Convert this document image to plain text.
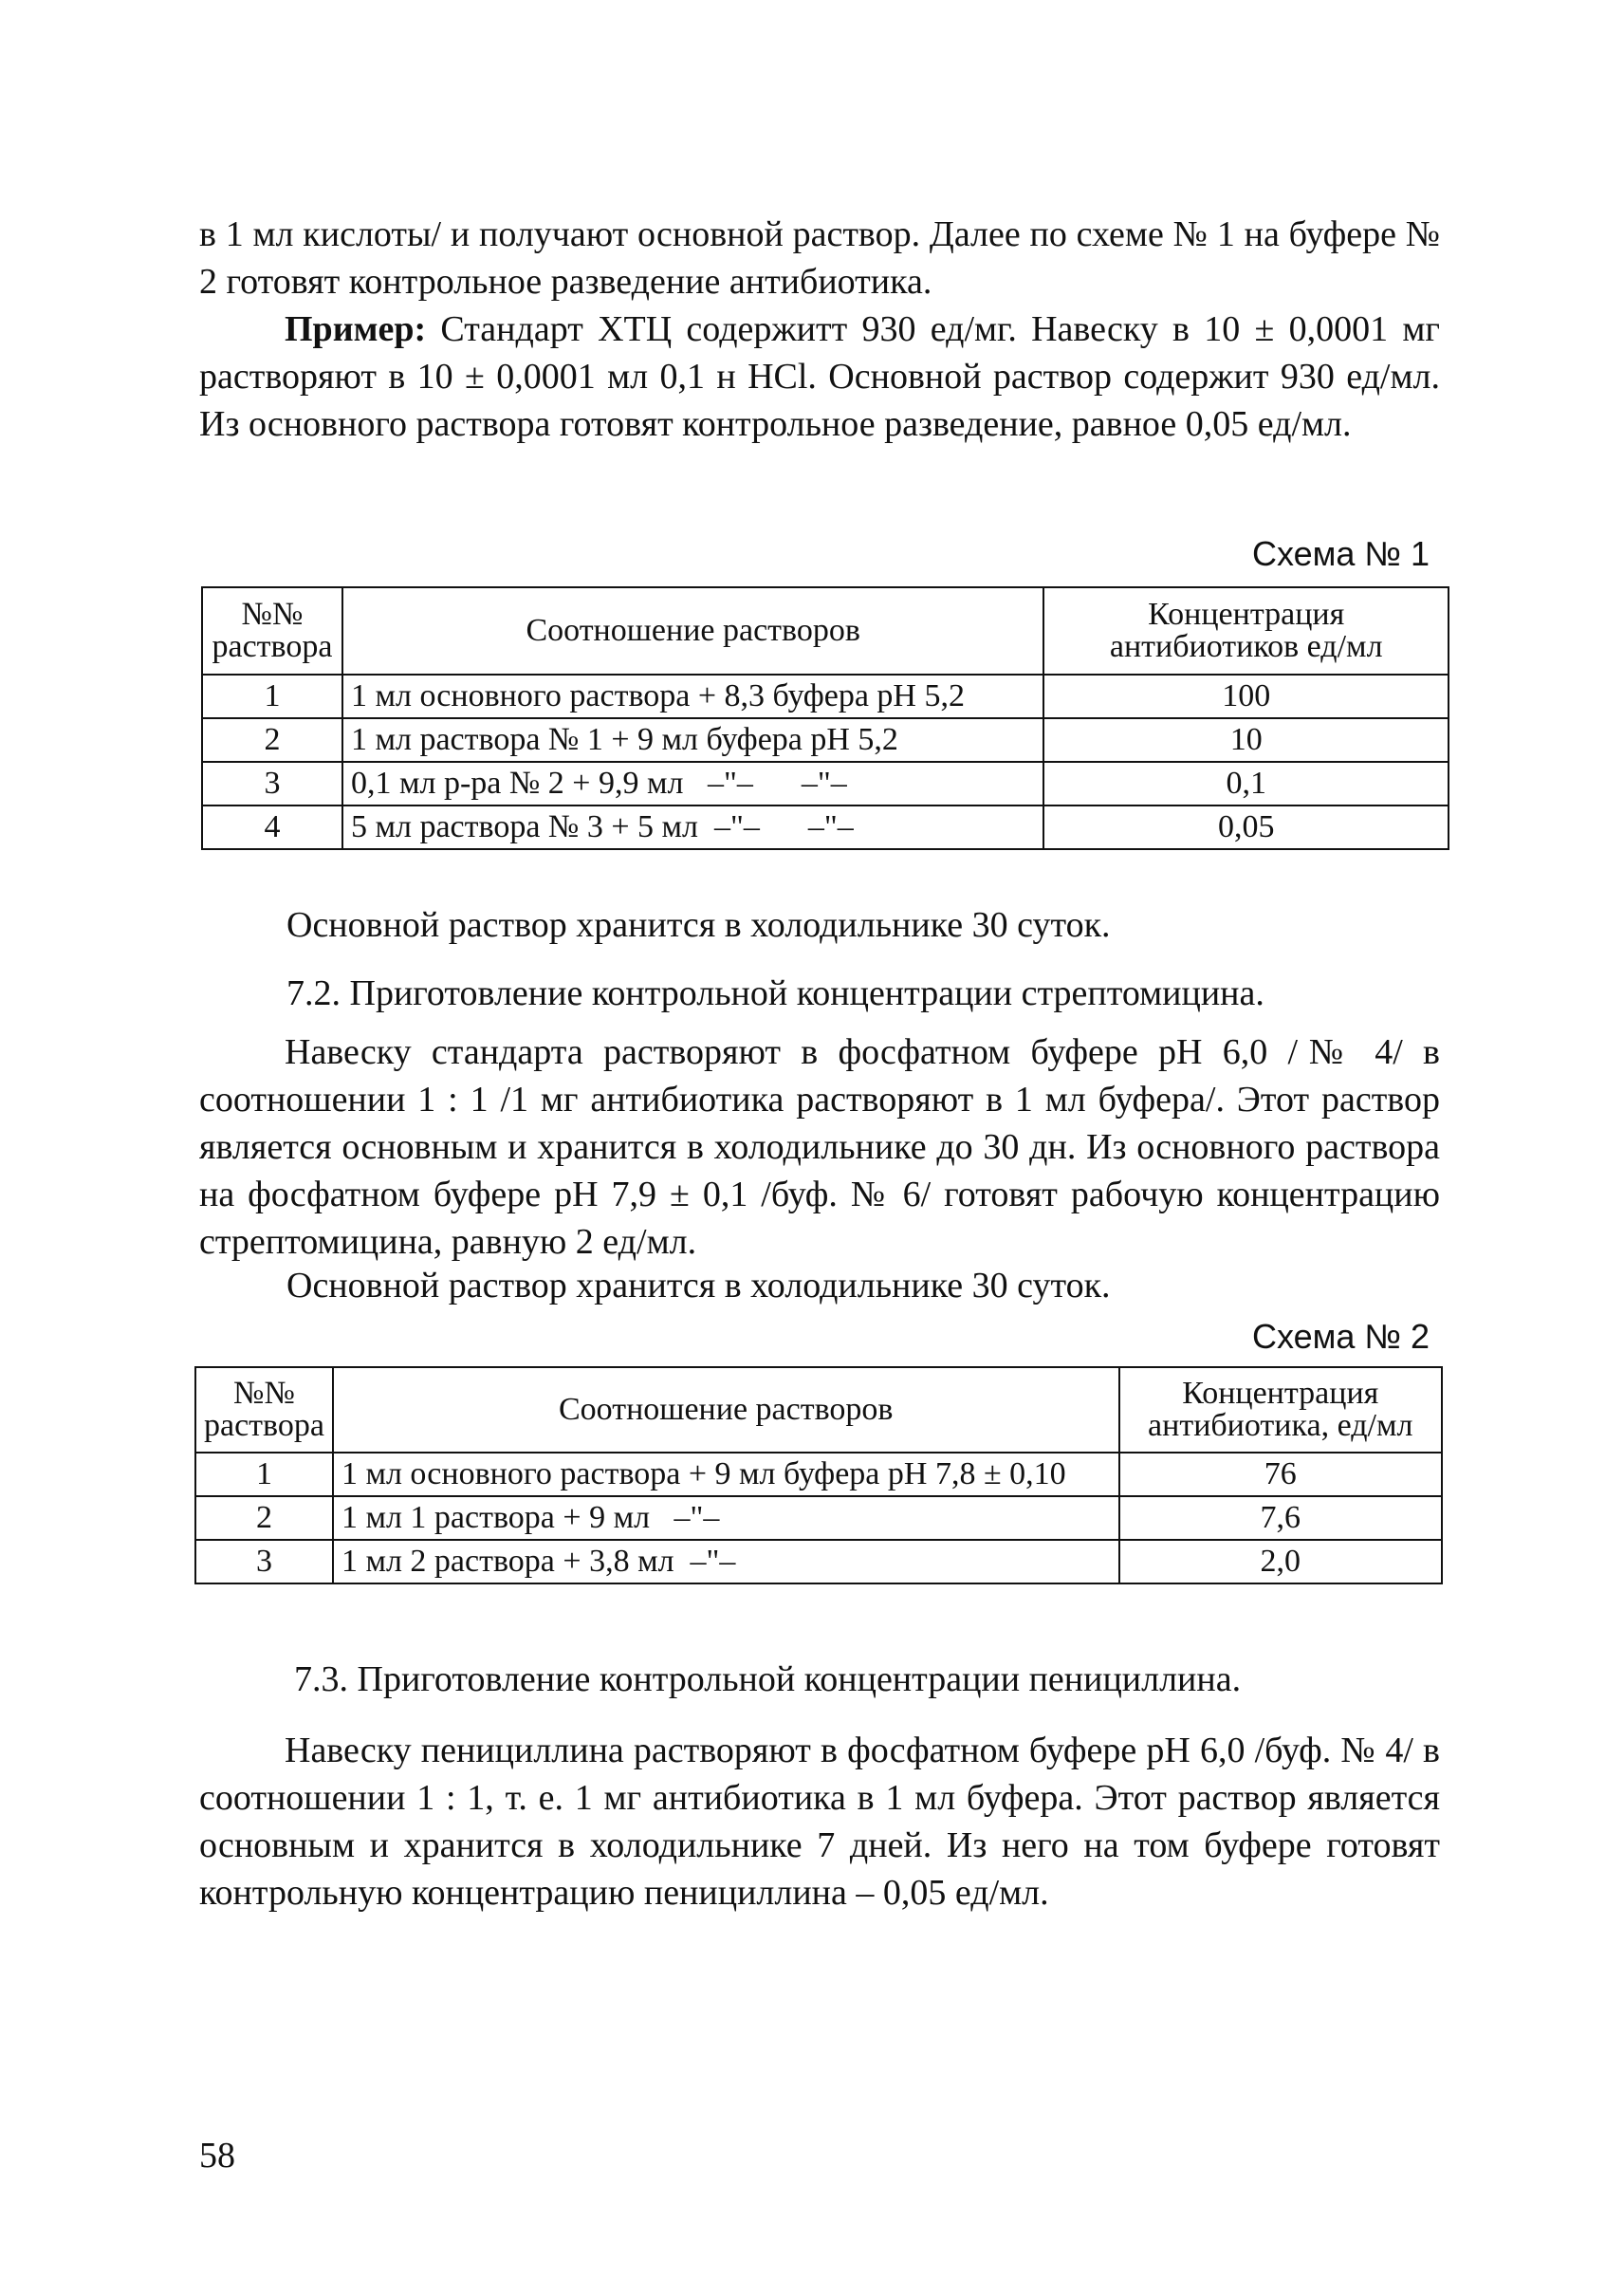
в 1 мл кислоты/ и получают основной раствор. Далее по схеме № 1 на буфере № 2 готовят контрольное разведение антибиотика.
Пример: Стандарт ХТЦ содержитт 930 ед/мг. Навеску в 10 ± 0,0001 мг растворяют в 10 ± 0,0001 мл 0,1 н HCl. Основной раствор содержит 930 ед/мл. Из основного раствора готовят контрольное разведение, равное 0,05 ед/мл.
Схема № 1
№№ раствора	Соотношение растворов	Концентрация антибиотиков ед/мл
1	1 мл основного раствора + 8,3 буфера рН 5,2	100
2	1 мл раствора № 1 + 9 мл буфера рН 5,2	10
3	0,1 мл р-ра № 2 + 9,9 мл   –"–      –"–	0,1
4	5 мл раствора № 3 + 5 мл  –"–      –"–	0,05
Основной раствор хранится в холодильнике 30 суток.
7.2. Приготовление контрольной концентрации стрептомицина.
Навеску стандарта растворяют в фосфатном буфере рН 6,0 /№ 4/ в соотношении 1 : 1 /1 мг антибиотика растворяют в 1 мл буфера/. Этот раствор является основным и хранится в холодильнике до 30 дн. Из основного раствора на фосфатном буфере рН 7,9 ± 0,1 /буф. № 6/ готовят рабочую концентрацию стрептомицина, равную 2 ед/мл.
Основной раствор хранится в холодильнике 30 суток.
Схема № 2
№№ раствора	Соотношение растворов	Концентрация антибиотика, ед/мл
1	1 мл основного раствора + 9 мл буфера рН 7,8 ± 0,10	76
2	1 мл 1 раствора + 9 мл   –"–	7,6
3	1 мл 2 раствора + 3,8 мл  –"–	2,0
7.3. Приготовление контрольной концентрации пенициллина.
Навеску пенициллина растворяют в фосфатном буфере рН 6,0 /буф. № 4/ в соотношении 1 : 1, т. е. 1 мг антибиотика в 1 мл буфера. Этот раствор является основным и хранится в холодильнике 7 дней. Из него на том буфере готовят контрольную концентрацию пенициллина – 0,05 ед/мл.
58
